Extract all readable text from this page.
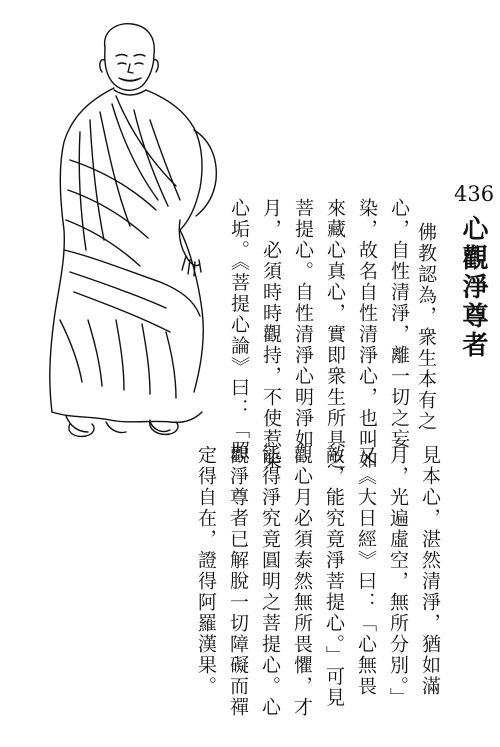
436
心觀淨尊者
佛教認為，衆生本有之
心，自性清淨，離一切之妄
染，故名自性清淨心，也叫如
來藏心真心，實即衆生所具之
菩提心。自性清淨心明淨如
月，必須時時觀持，不使惹染
心垢。《菩提心論》曰：「照
見本心，湛然清淨，猶如滿
月，光遍虛空，無所分別。」
又《大日經》曰：「心無畏
敵，能究竟淨菩提心。」可見
觀心月必須泰然無所畏懼，才
能得淨究竟圓明之菩提心。心
觀淨尊者已解脫一切障礙而禪
定得自在，證得阿羅漢果。
